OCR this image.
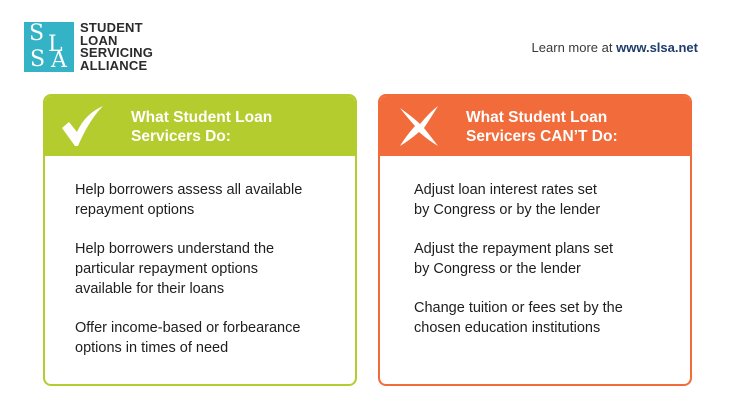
S L
S A
STUDENT
LOAN
SERVICING
ALLIANCE
Learn more at www.slsa.net
What Student Loan
Servicers Do:
Help borrowers assess all available
repayment options
Help borrowers understand the
particular repayment options
available for their loans
Offer income-based or forbearance
options in times of need
What Student Loan
Servicers CAN’T Do:
Adjust loan interest rates set
by Congress or by the lender
Adjust the repayment plans set
by Congress or the lender
Change tuition or fees set by the
chosen education institutions
